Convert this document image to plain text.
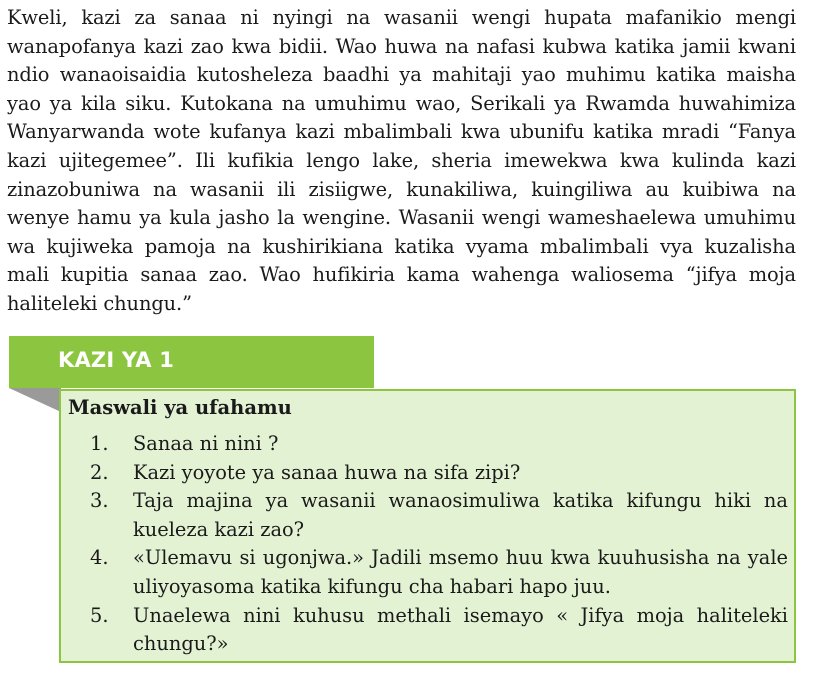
Kweli, kazi za sanaa ni nyingi na wasanii wengi hupata mafanikio mengi wanapofanya kazi zao kwa bidii. Wao huwa na nafasi kubwa katika jamii kwani ndio wanaoisaidia kutosheleza baadhi ya mahitaji yao muhimu katika maisha yao ya kila siku. Kutokana na umuhimu wao, Serikali ya Rwamda huwahimiza Wanyarwanda wote kufanya kazi mbalimbali kwa ubunifu katika mradi “Fanya kazi ujitegemee”. Ili kufikia lengo lake, sheria imewekwa kwa kulinda kazi zinazobuniwa na wasanii ili zisiigwe, kunakiliwa, kuingiliwa au kuibiwa na wenye hamu ya kula jasho la wengine. Wasanii wengi wameshaelewa umuhimu wa kujiweka pamoja na kushirikiana katika vyama mbalimbali vya kuzalisha mali kupitia sanaa zao. Wao hufikiria kama wahenga waliosema “jifya moja haliteleki chungu.”

KAZI YA 1

Maswali ya ufahamu

1. Sanaa ni nini ?
2. Kazi yoyote ya sanaa huwa na sifa zipi?
3. Taja majina ya wasanii wanaosimuliwa katika kifungu hiki na kueleza kazi zao?
4. «Ulemavu si ugonjwa.» Jadili msemo huu kwa kuuhusisha na yale uliyoyasoma katika kifungu cha habari hapo juu.
5. Unaelewa nini kuhusu methali isemayo « Jifya moja haliteleki chungu?»
